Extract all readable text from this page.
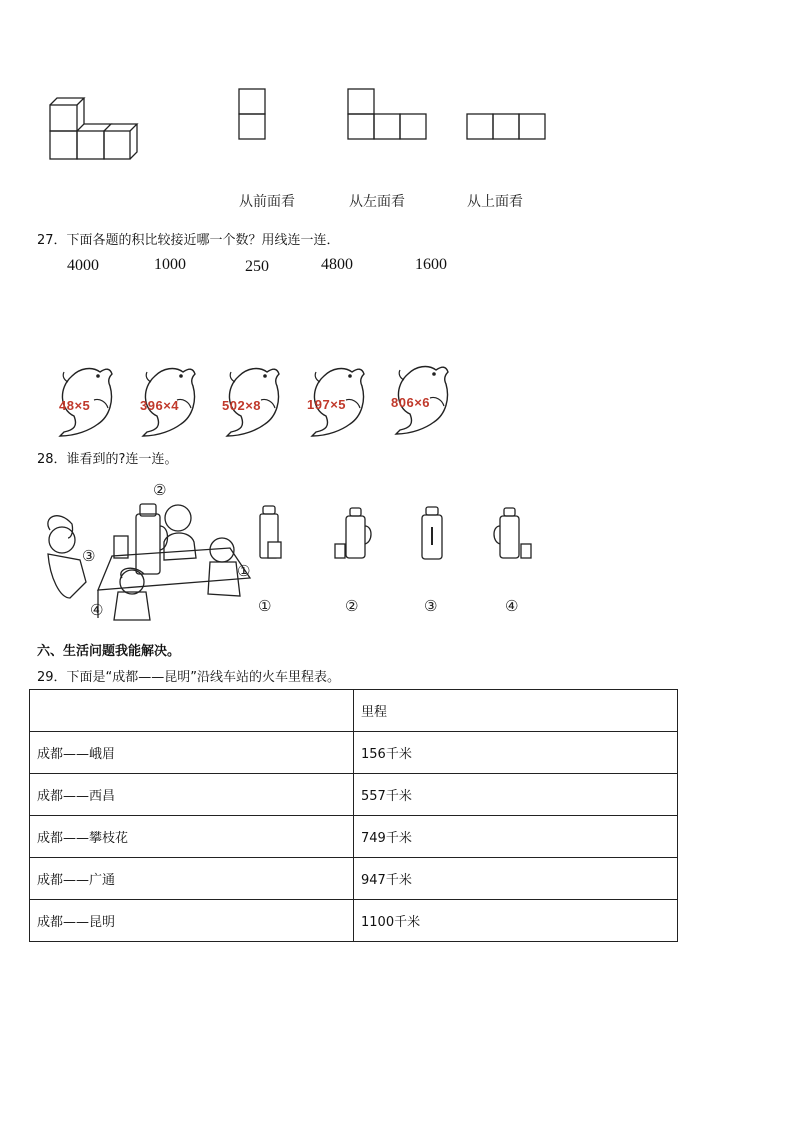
从前面看	从左面看	从上面看
27．下面各题的积比较接近哪一个数？用线连一连．
4000	1000	250	4800	1600
48×5	396×4	502×8	197×5	806×6
28．谁看到的?连一连。
②
③
①
④	①	②	③	④
六、生活问题我能解决。
29．下面是“成都——昆明”沿线车站的火车里程表。
	里程
成都——峨眉	156千米
成都——西昌	557千米
成都——攀枝花	749千米
成都——广通	947千米
成都——昆明	1100千米
